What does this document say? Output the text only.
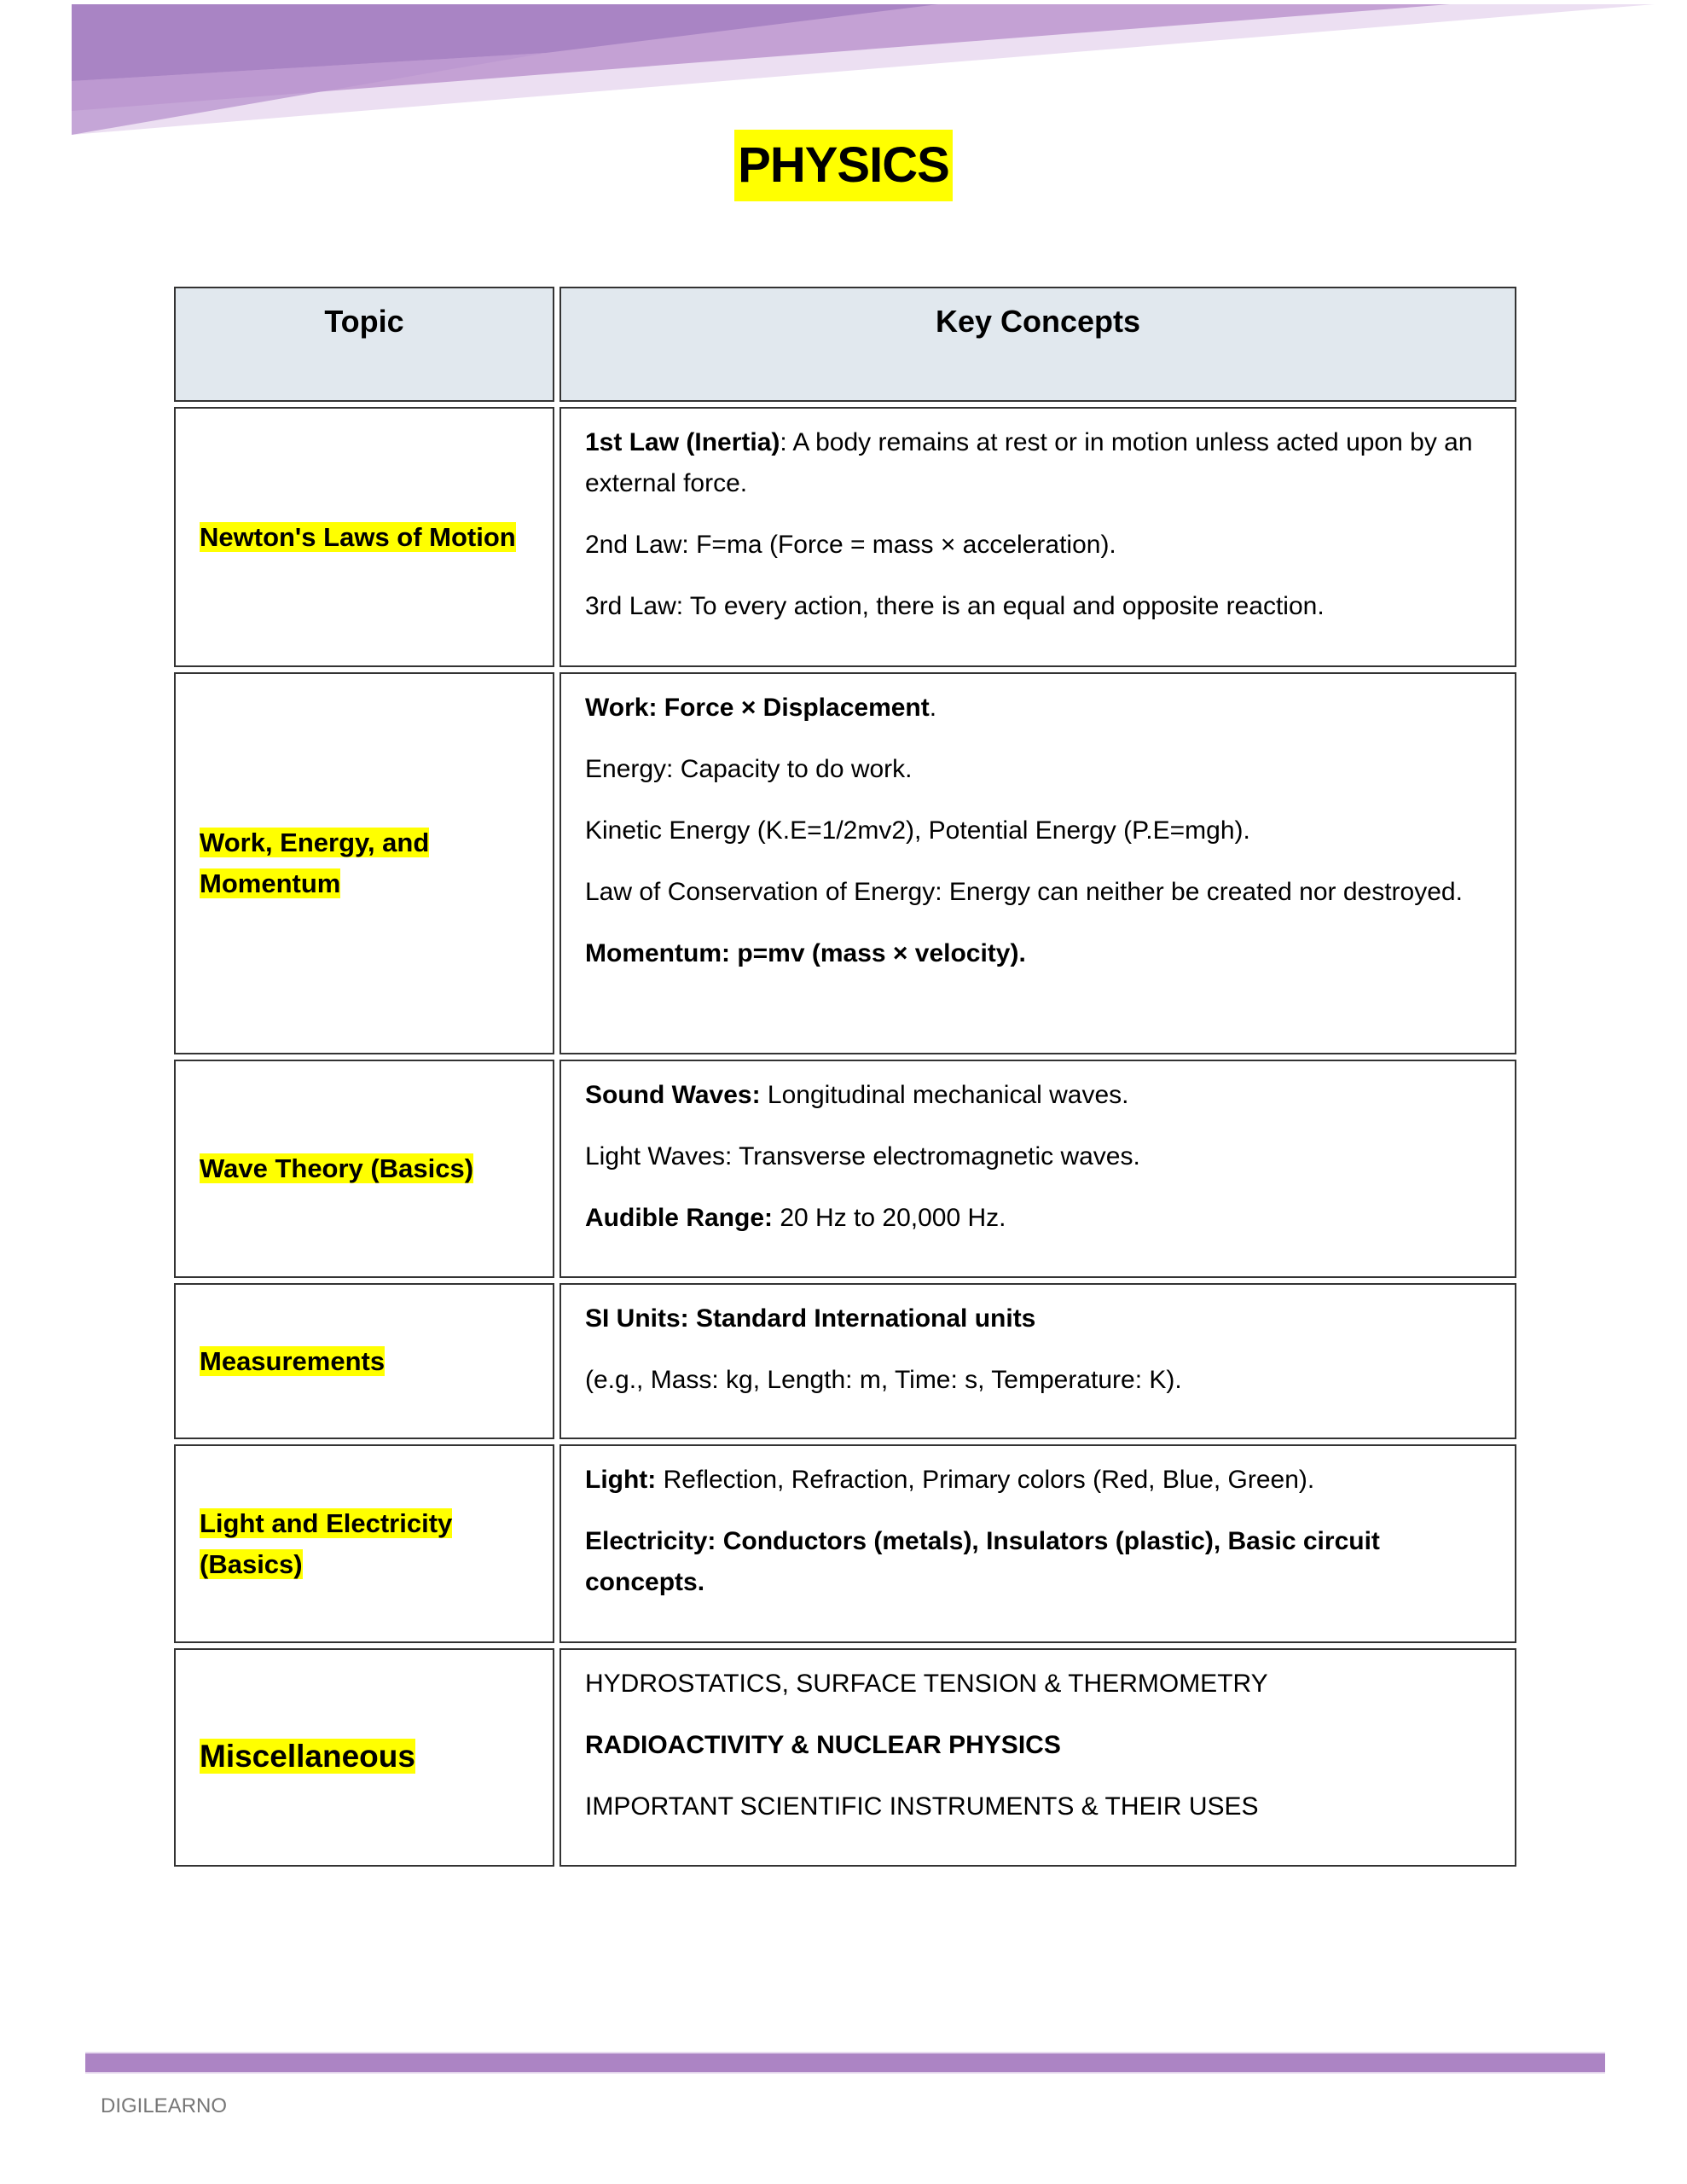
PHYSICS
Topic	Key Concepts
Newton's Laws of Motion	1st Law (Inertia): A body remains at rest or in motion unless acted upon by an external force.

2nd Law: F=ma (Force = mass × acceleration).

3rd Law: To every action, there is an equal and opposite reaction.

Work, Energy, and Momentum	Work: Force × Displacement.

Energy: Capacity to do work.

Kinetic Energy (K.E=1/2mv2), Potential Energy (P.E=mgh).

Law of Conservation of Energy: Energy can neither be created nor destroyed.

Momentum: p=mv (mass × velocity).

Wave Theory (Basics)	Sound Waves: Longitudinal mechanical waves.

Light Waves: Transverse electromagnetic waves.

Audible Range: 20 Hz to 20,000 Hz.

Measurements	SI Units: Standard International units

(e.g., Mass: kg, Length: m, Time: s, Temperature: K).

Light and Electricity (Basics)	Light: Reflection, Refraction, Primary colors (Red, Blue, Green).

Electricity: Conductors (metals), Insulators (plastic), Basic circuit concepts.

Miscellaneous	HYDROSTATICS, SURFACE TENSION & THERMOMETRY

RADIOACTIVITY & NUCLEAR PHYSICS

IMPORTANT SCIENTIFIC INSTRUMENTS & THEIR USES

DIGILEARNO
